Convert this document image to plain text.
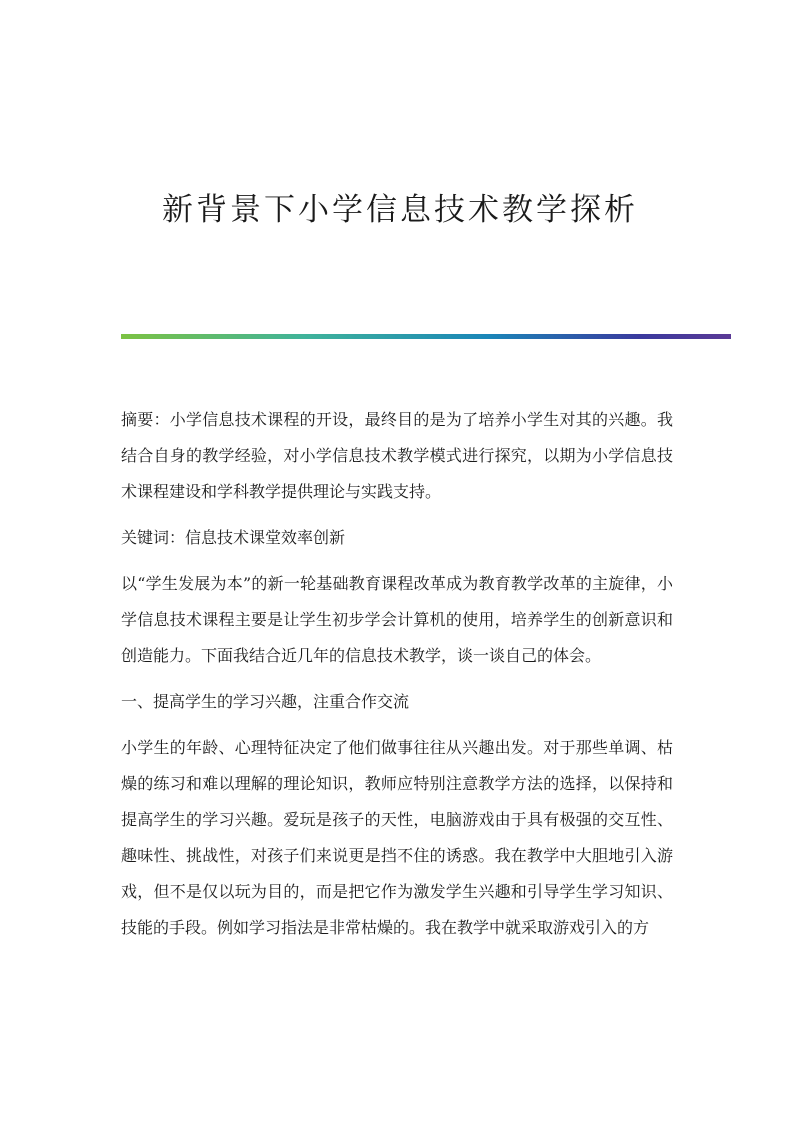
新背景下小学信息技术教学探析

摘要：小学信息技术课程的开设，最终目的是为了培养小学生对其的兴趣。我结合自身的教学经验，对小学信息技术教学模式进行探究，以期为小学信息技术课程建设和学科教学提供理论与实践支持。

关键词：信息技术课堂效率创新

以“学生发展为本”的新一轮基础教育课程改革成为教育教学改革的主旋律，小学信息技术课程主要是让学生初步学会计算机的使用，培养学生的创新意识和创造能力。下面我结合近几年的信息技术教学，谈一谈自己的体会。

一、提高学生的学习兴趣，注重合作交流

小学生的年龄、心理特征决定了他们做事往往从兴趣出发。对于那些单调、枯燥的练习和难以理解的理论知识，教师应特别注意教学方法的选择，以保持和提高学生的学习兴趣。爱玩是孩子的天性，电脑游戏由于具有极强的交互性、趣味性、挑战性，对孩子们来说更是挡不住的诱惑。我在教学中大胆地引入游戏，但不是仅以玩为目的，而是把它作为激发学生兴趣和引导学生学习知识、技能的手段。例如学习指法是非常枯燥的。我在教学中就采取游戏引入的方
